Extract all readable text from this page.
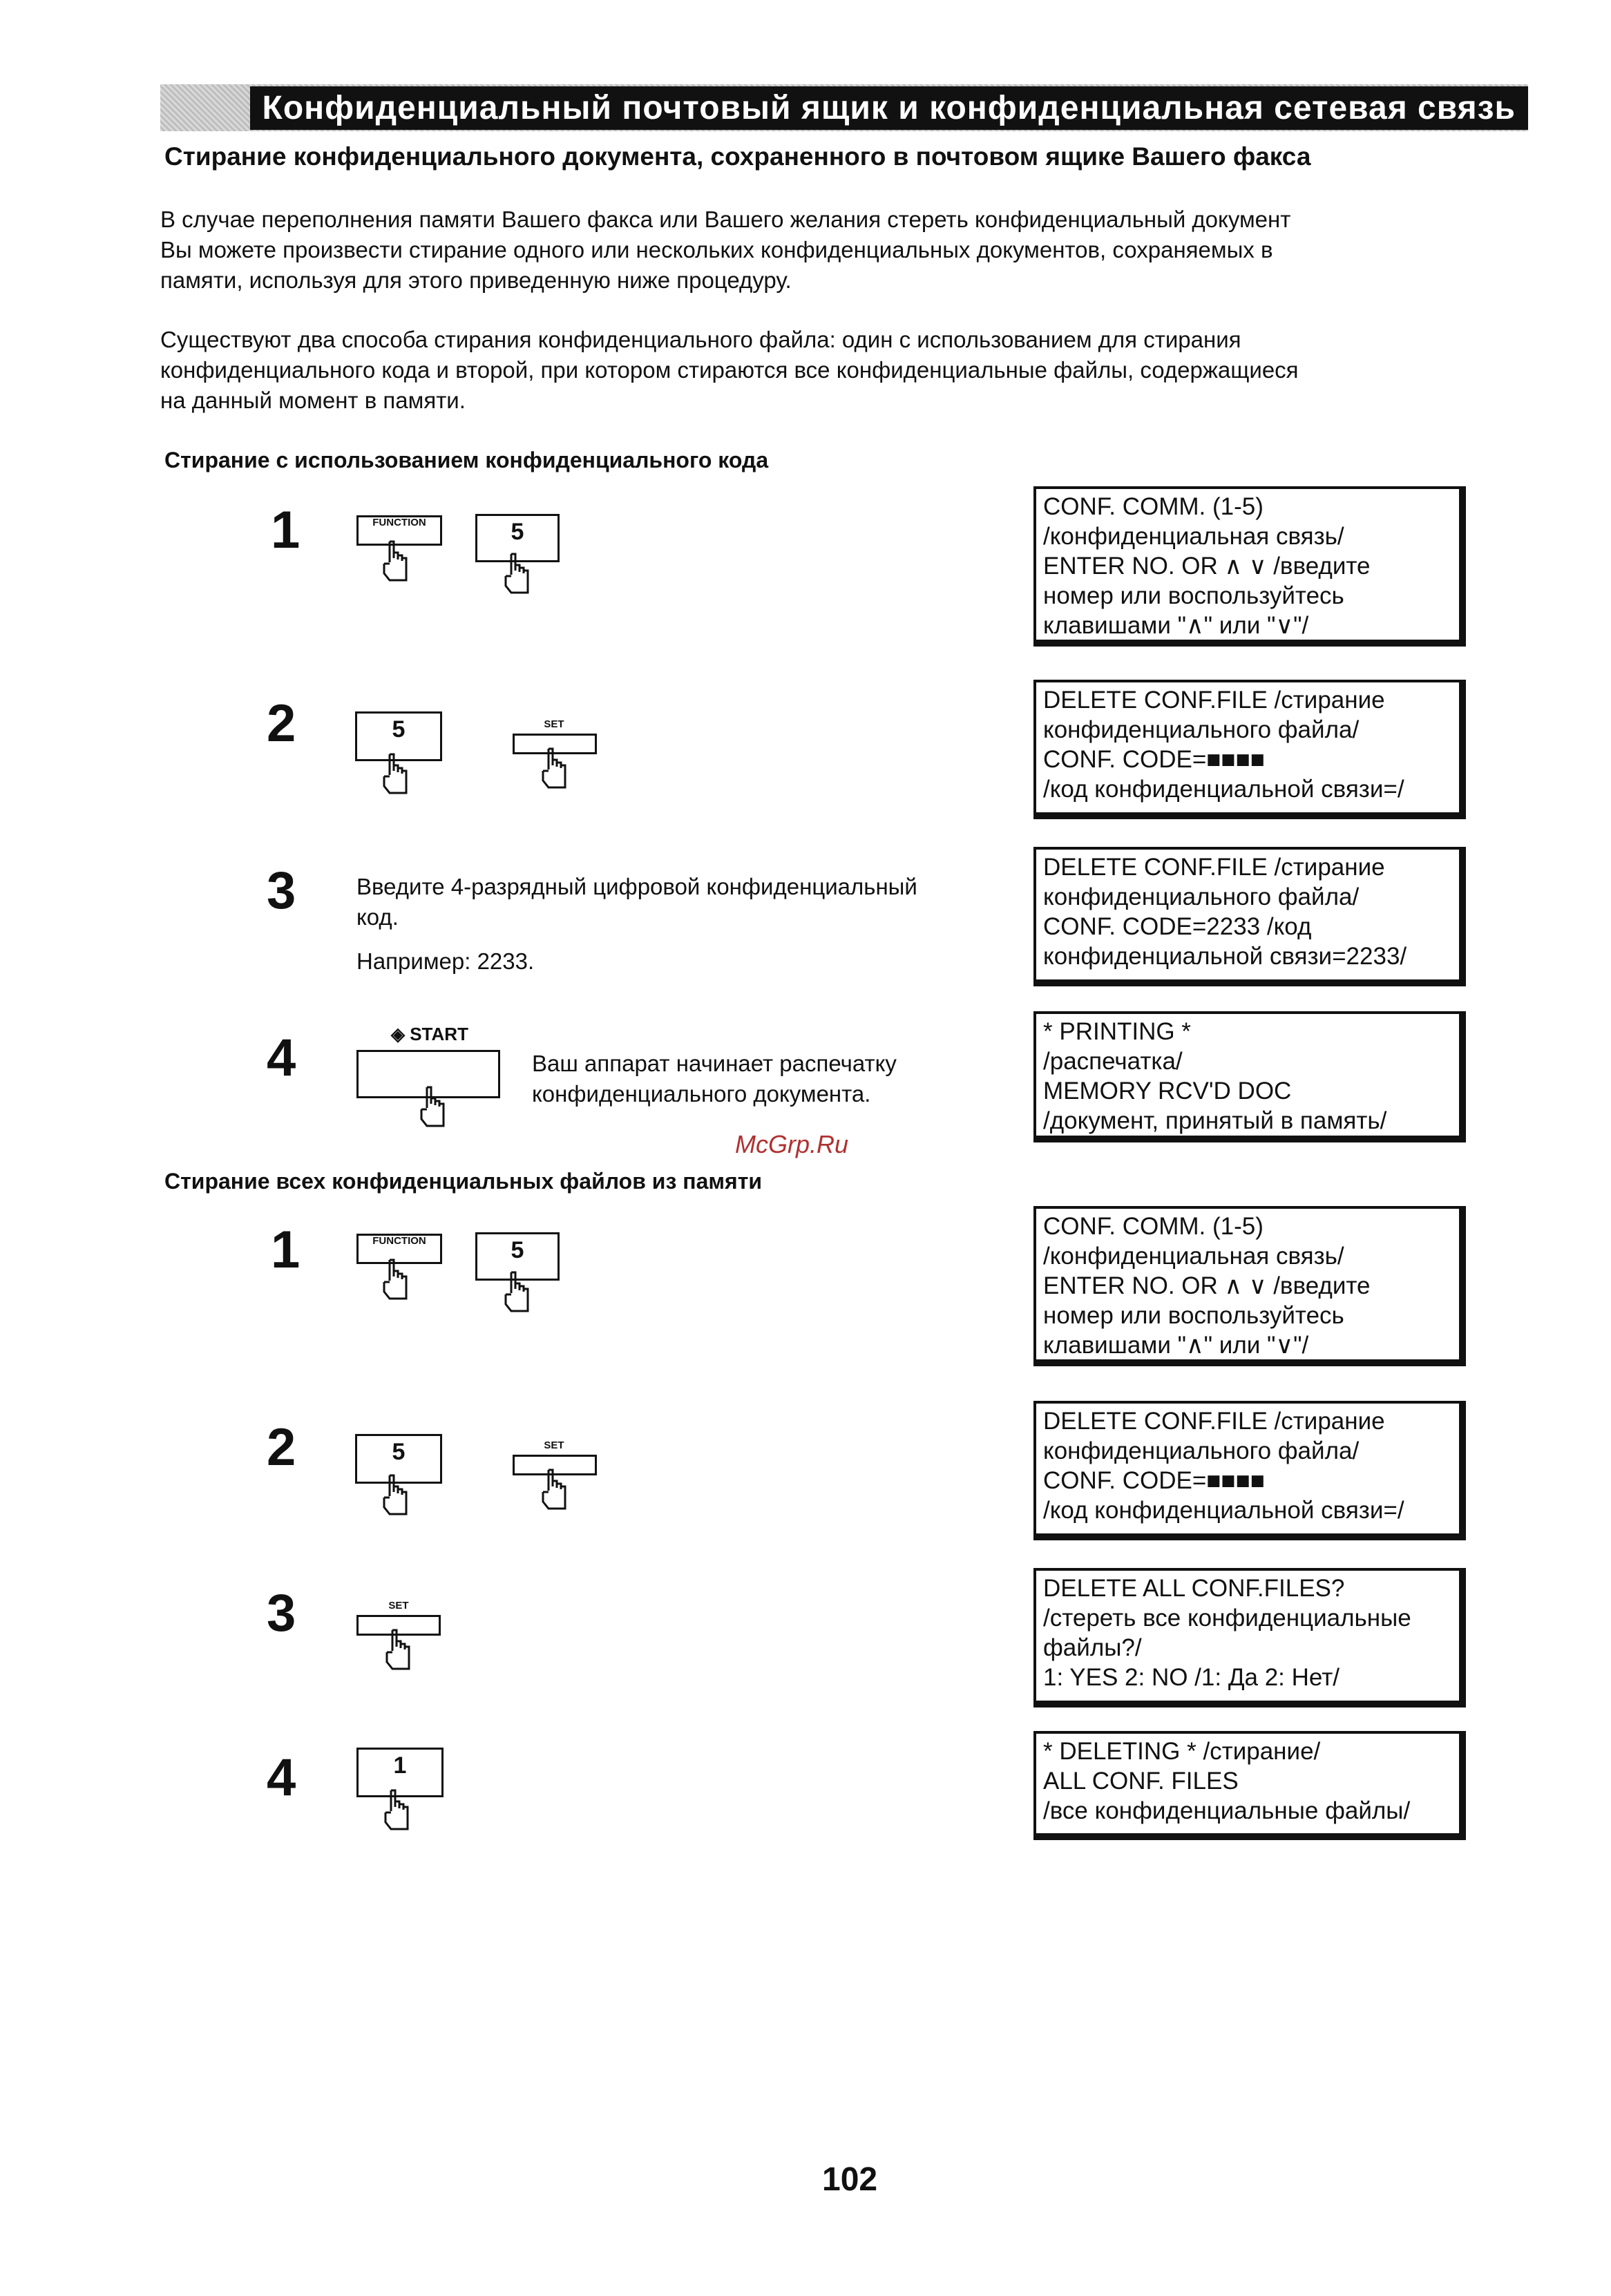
Конфиденциальный почтовый ящик и конфиденциальная сетевая связь
Стирание конфиденциального документа, сохраненного в почтовом ящике Вашего факса
В случае переполнения памяти Вашего факса или Вашего желания стереть конфиденциальный документ
Вы можете произвести стирание одного или нескольких конфиденциальных документов, сохраняемых в
памяти, используя для этого приведенную ниже процедуру.
Существуют два способа стирания конфиденциального файла: один с использованием для стирания
конфиденциального кода и второй, при котором стираются все конфиденциальные файлы, содержащиеся
на данный момент в памяти.
Стирание с использованием конфиденциального кода
1	FUNCTION	5
CONF. COMM. (1-5)
/конфиденциальная связь/
ENTER NO. OR ∧ ∨ /введите
номер или воспользуйтесь
клавишами "∧" или "∨"/
2	5	SET
DELETE CONF.FILE /стирание
конфиденциального файла/
CONF. CODE=■■■■
/код конфиденциальной связи=/
3	Введите 4-разрядный цифровой конфиденциальный
код.
Например: 2233.
DELETE CONF.FILE /стирание
конфиденциального файла/
CONF. CODE=2233 /код
конфиденциальной связи=2233/
4	◈ START
Ваш аппарат начинает распечатку
конфиденциального документа.
* PRINTING *
/распечатка/
MEMORY RCV'D DOC
/документ, принятый в память/
McGrp.Ru
Стирание всех конфиденциальных файлов из памяти
1	FUNCTION	5
CONF. COMM. (1-5)
/конфиденциальная связь/
ENTER NO. OR ∧ ∨ /введите
номер или воспользуйтесь
клавишами "∧" или "∨"/
2	5	SET
DELETE CONF.FILE /стирание
конфиденциального файла/
CONF. CODE=■■■■
/код конфиденциальной связи=/
3	SET
DELETE ALL CONF.FILES?
/стереть все конфиденциальные
файлы?/
1: YES 2: NO /1: Да 2: Нет/
4	1
* DELETING * /стирание/
ALL CONF. FILES
/все конфиденциальные файлы/
102
